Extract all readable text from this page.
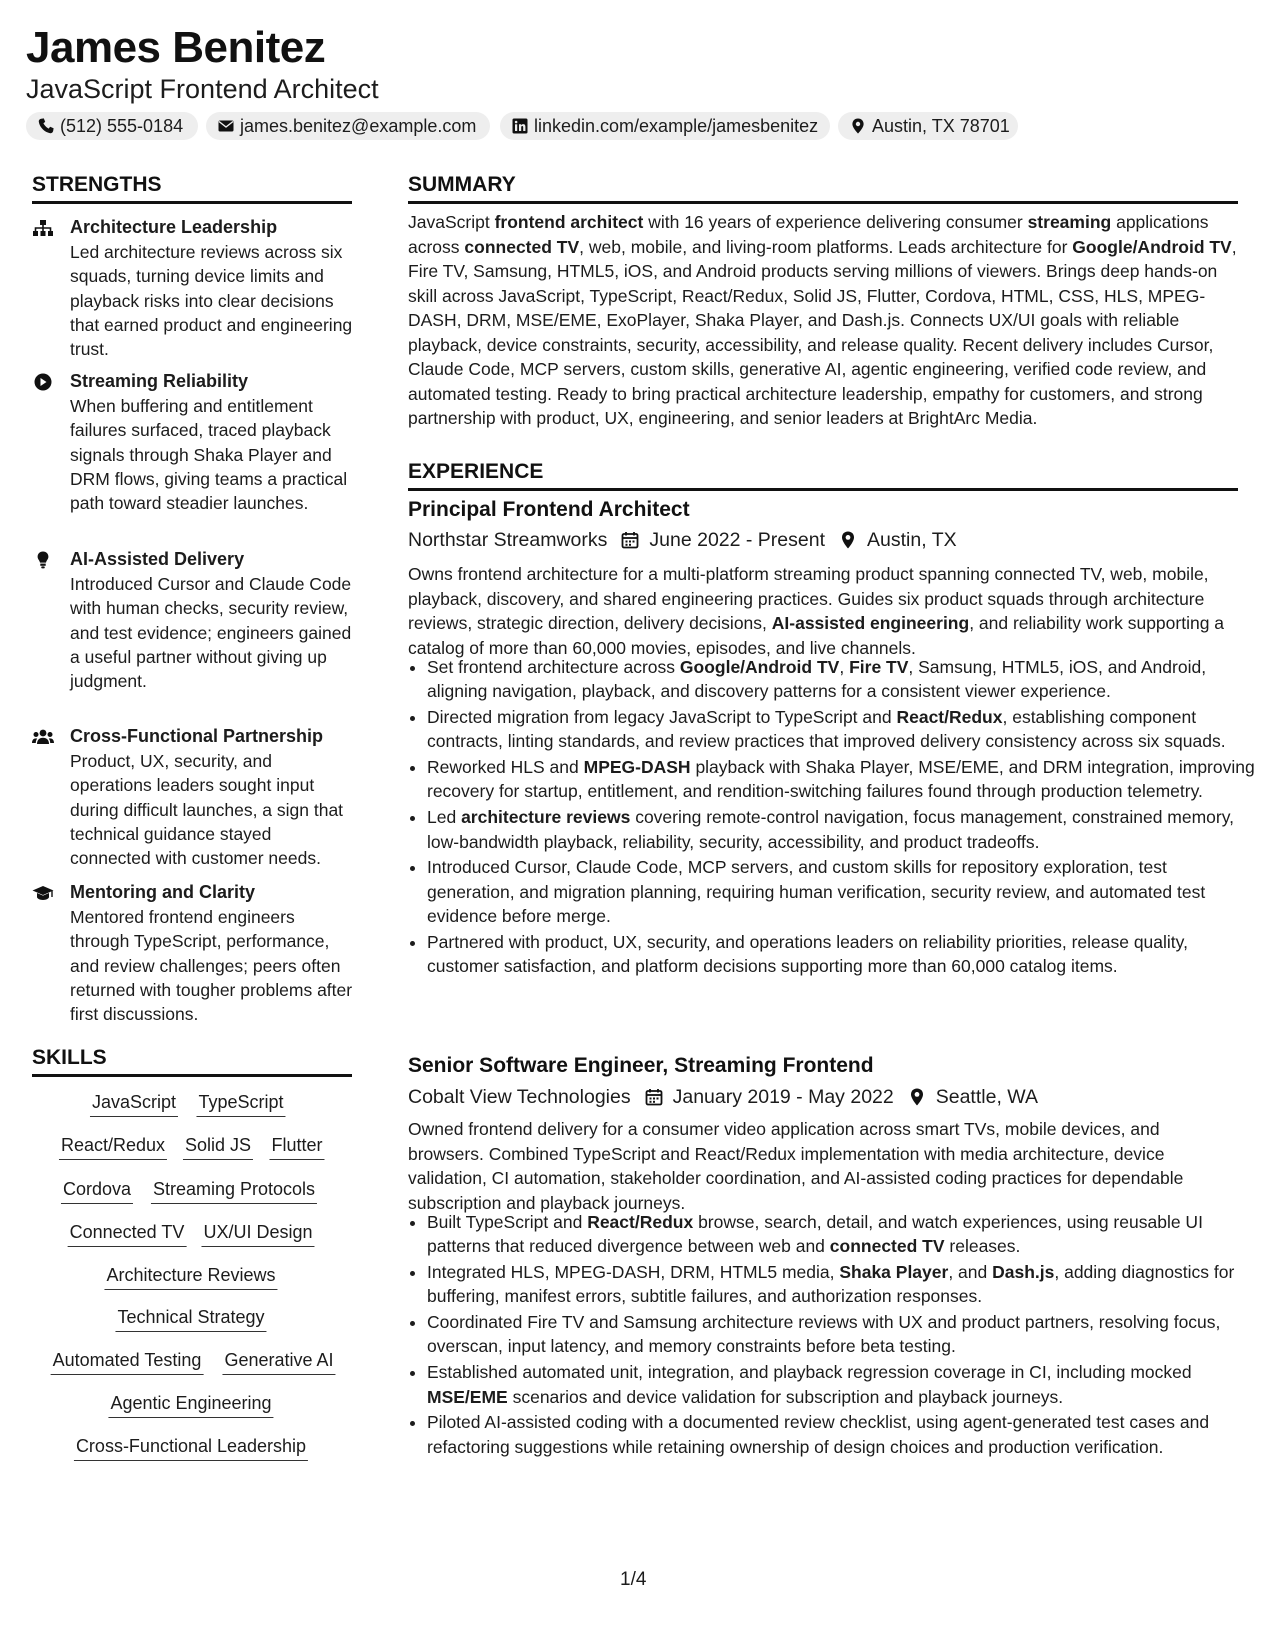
James Benitez
JavaScript Frontend Architect
(512) 555-0184	james.benitez@example.com	linkedin.com/example/jamesbenitez	Austin, TX 78701
STRENGTHS
Architecture Leadership
Led architecture reviews across six squads, turning device limits and playback risks into clear decisions that earned product and engineering trust.
Streaming Reliability
When buffering and entitlement failures surfaced, traced playback signals through Shaka Player and DRM flows, giving teams a practical path toward steadier launches.
AI-Assisted Delivery
Introduced Cursor and Claude Code with human checks, security review, and test evidence; engineers gained a useful partner without giving up judgment.
Cross-Functional Partnership
Product, UX, security, and operations leaders sought input during difficult launches, a sign that technical guidance stayed connected with customer needs.
Mentoring and Clarity
Mentored frontend engineers through TypeScript, performance, and review challenges; peers often returned with tougher problems after first discussions.
SKILLS
JavaScript TypeScript
React/Redux Solid JS Flutter
Cordova Streaming Protocols
Connected TV UX/UI Design
Architecture Reviews
Technical Strategy
Automated Testing Generative AI
Agentic Engineering
Cross-Functional Leadership
SUMMARY
JavaScript frontend architect with 16 years of experience delivering consumer streaming applications across connected TV, web, mobile, and living-room platforms. Leads architecture for Google/Android TV, Fire TV, Samsung, HTML5, iOS, and Android products serving millions of viewers. Brings deep hands-on skill across JavaScript, TypeScript, React/Redux, Solid JS, Flutter, Cordova, HTML, CSS, HLS, MPEG-DASH, DRM, MSE/EME, ExoPlayer, Shaka Player, and Dash.js. Connects UX/UI goals with reliable playback, device constraints, security, accessibility, and release quality. Recent delivery includes Cursor, Claude Code, MCP servers, custom skills, generative AI, agentic engineering, verified code review, and automated testing. Ready to bring practical architecture leadership, empathy for customers, and strong partnership with product, UX, engineering, and senior leaders at BrightArc Media.
EXPERIENCE
Principal Frontend Architect
Northstar Streamworks June 2022 - Present Austin, TX
Owns frontend architecture for a multi-platform streaming product spanning connected TV, web, mobile, playback, discovery, and shared engineering practices. Guides six product squads through architecture reviews, strategic direction, delivery decisions, AI-assisted engineering, and reliability work supporting a catalog of more than 60,000 movies, episodes, and live channels.
• Set frontend architecture across Google/Android TV, Fire TV, Samsung, HTML5, iOS, and Android, aligning navigation, playback, and discovery patterns for a consistent viewer experience.
• Directed migration from legacy JavaScript to TypeScript and React/Redux, establishing component contracts, linting standards, and review practices that improved delivery consistency across six squads.
• Reworked HLS and MPEG-DASH playback with Shaka Player, MSE/EME, and DRM integration, improving recovery for startup, entitlement, and rendition-switching failures found through production telemetry.
• Led architecture reviews covering remote-control navigation, focus management, constrained memory, low-bandwidth playback, reliability, security, accessibility, and product tradeoffs.
• Introduced Cursor, Claude Code, MCP servers, and custom skills for repository exploration, test generation, and migration planning, requiring human verification, security review, and automated test evidence before merge.
• Partnered with product, UX, security, and operations leaders on reliability priorities, release quality, customer satisfaction, and platform decisions supporting more than 60,000 catalog items.
Senior Software Engineer, Streaming Frontend
Cobalt View Technologies January 2019 - May 2022 Seattle, WA
Owned frontend delivery for a consumer video application across smart TVs, mobile devices, and browsers. Combined TypeScript and React/Redux implementation with media architecture, device validation, CI automation, stakeholder coordination, and AI-assisted coding practices for dependable subscription and playback journeys.
• Built TypeScript and React/Redux browse, search, detail, and watch experiences, using reusable UI patterns that reduced divergence between web and connected TV releases.
• Integrated HLS, MPEG-DASH, DRM, HTML5 media, Shaka Player, and Dash.js, adding diagnostics for buffering, manifest errors, subtitle failures, and authorization responses.
• Coordinated Fire TV and Samsung architecture reviews with UX and product partners, resolving focus, overscan, input latency, and memory constraints before beta testing.
• Established automated unit, integration, and playback regression coverage in CI, including mocked MSE/EME scenarios and device validation for subscription and playback journeys.
• Piloted AI-assisted coding with a documented review checklist, using agent-generated test cases and refactoring suggestions while retaining ownership of design choices and production verification.
1/4
